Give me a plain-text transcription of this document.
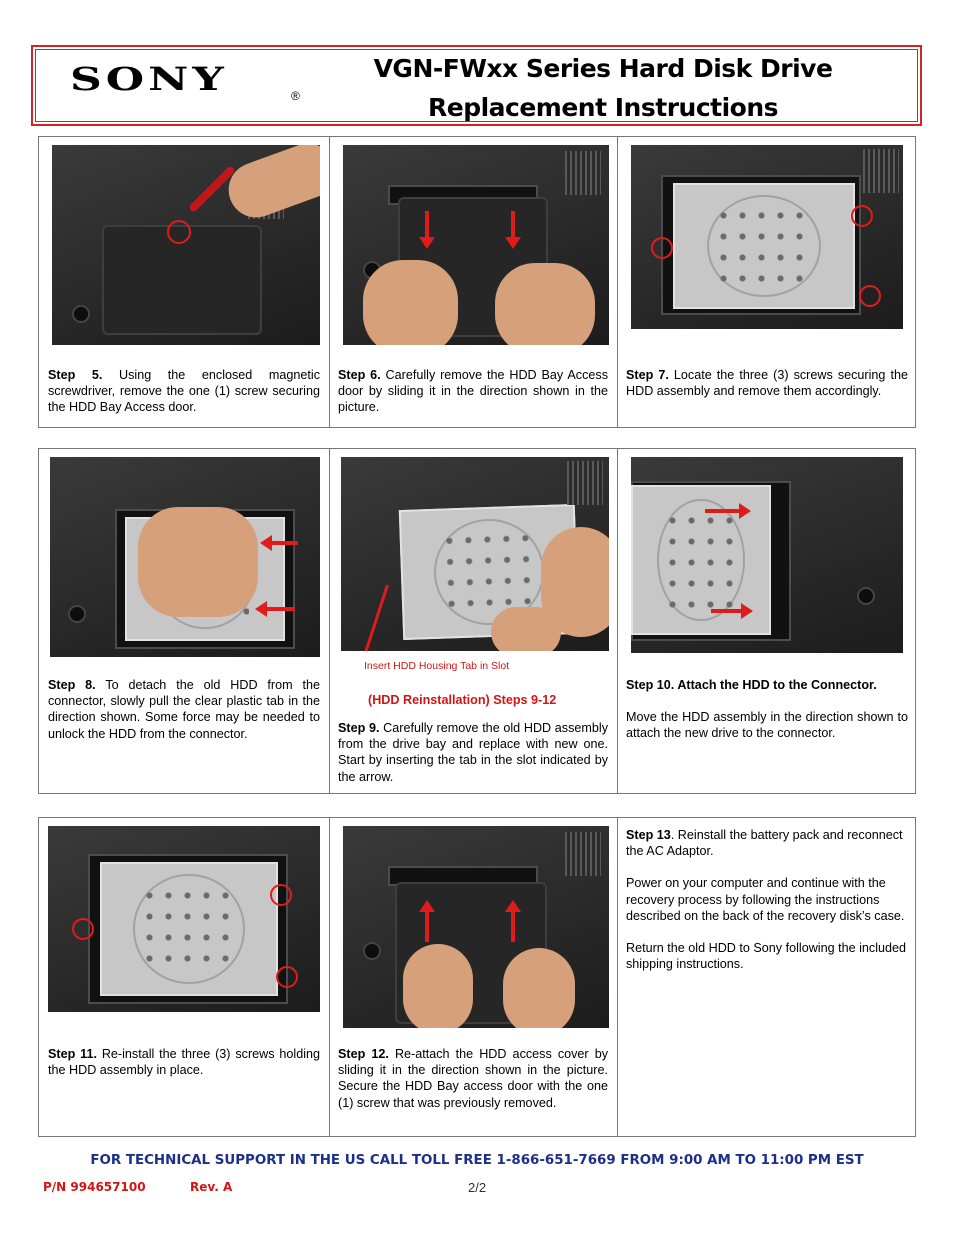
SONY	®
VGN-FWxx Series Hard Disk Drive
Replacement Instructions
Step 5. Using the enclosed magnetic screwdriver, remove the one (1) screw securing the HDD Bay Access door.
Step 6. Carefully remove the HDD Bay Access door by sliding it in the direction shown in the picture.
Step 7. Locate the three (3) screws securing the HDD assembly and remove them accordingly.
Step 8. To detach the old HDD from the connector, slowly pull the clear plastic tab in the direction shown. Some force may be needed to unlock the HDD from the connector.
Insert HDD Housing Tab in Slot
(HDD Reinstallation) Steps 9-12
Step 9. Carefully remove the old HDD assembly from the drive bay and replace with new one. Start by inserting the tab in the slot indicated by the arrow.

Step 10. Attach the HDD to the Connector.

Move the HDD assembly in the direction shown to attach the new drive to the connector.

Step 11. Re-install the three (3) screws holding the HDD assembly in place.
Step 12. Re-attach the HDD access cover by sliding it in the direction shown in the picture. Secure the HDD Bay access door with the one (1) screw that was previously removed.

Step 13. Reinstall the battery pack and reconnect the AC Adaptor.

Power on your computer and continue with the recovery process by following the instructions described on the back of the recovery disk’s case.

Return the old HDD to Sony following the included shipping instructions.

FOR TECHNICAL SUPPORT IN THE US CALL TOLL FREE 1-866-651-7669 FROM 9:00 AM TO 11:00 PM EST
P/N 994657100	Rev. A	2/2
